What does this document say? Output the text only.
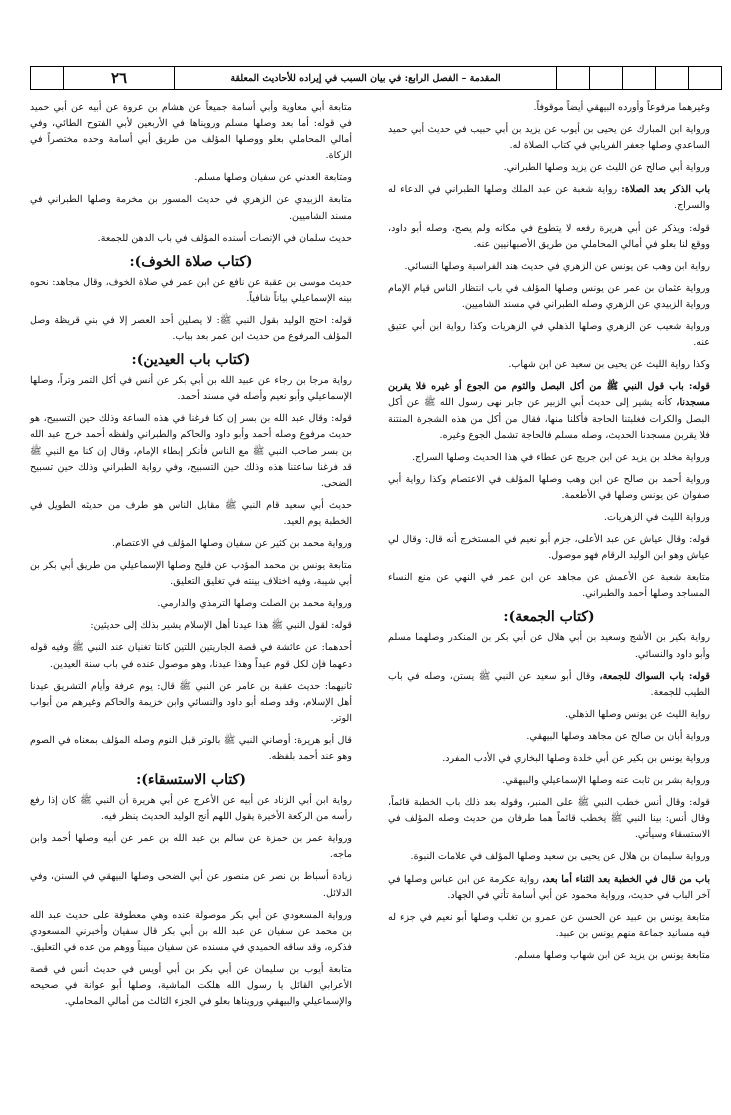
٢٦	المقدمة – الفصل الرابع: في بيان السبب في إيراده للأحاديث المعلقة

وغيرهما مرفوعاً وأورده البيهقي أيضاً موقوفاً.

ورواية ابن المبارك عن يحيى بن أيوب عن يزيد بن أبي حبيب في حديث أبي حميد الساعدي وصلها جعفر الفريابي في كتاب الصلاة له.

ورواية أبي صالح عن الليث عن يزيد وصلها الطبراني.

باب الذكر بعد الصلاة: رواية شعبة عن عبد الملك وصلها الطبراني في الدعاء له والسراج.

قوله: ويذكر عن أبي هريرة رفعه لا يتطوع في مكانه ولم يصح، وصله أبو داود، ووقع لنا بعلو في أمالي المحاملي من طريق الأصبهانيين عنه.

رواية ابن وهب عن يونس عن الزهري في حديث هند الفراسية وصلها النسائي.

ورواية عثمان بن عمر عن يونس وصلها المؤلف في باب انتظار الناس قيام الإمام ورواية الزبيدي عن الزهري وصله الطبراني في مسند الشاميين.

ورواية شعيب عن الزهري وصلها الذهلي في الزهريات وكذا رواية ابن أبي عتيق عنه.

وكذا رواية الليث عن يحيى بن سعيد عن ابن شهاب.

قوله: باب قول النبي ﷺ من أكل البصل والثوم من الجوع أو غيره فلا يقربن مسجدنا، كأنه يشير إلى حديث أبي الزبير عن جابر نهى رسول الله ﷺ عن أكل البصل والكرات فغلبتنا الحاجة فأكلنا منها، فقال من أكل من هذه الشجرة المنتنة فلا يقربن مسجدنا الحديث، وصله مسلم فالحاجة تشمل الجوع وغيره.

ورواية مخلد بن يزيد عن ابن جريج عن عطاء في هذا الحديث وصلها السراج.

ورواية أحمد بن صالح عن ابن وهب وصلها المؤلف في الاعتصام وكذا رواية أبي صفوان عن يونس وصلها في الأطعمة.

ورواية الليث في الزهريات.

قوله: وقال عياش عن عبد الأعلى، جزم أبو نعيم في المستخرج أنه قال: وقال لي عياش وهو ابن الوليد الرقام فهو موصول.

متابعة شعبة عن الأعمش عن مجاهد عن ابن عمر في النهي عن منع النساء المساجد وصلها أحمد والطبراني.

(كتاب الجمعة):

رواية بكير بن الأشج وسعيد بن أبي هلال عن أبي بكر بن المنكدر وصلهما مسلم وأبو داود والنسائي.

قوله: باب السواك للجمعة، وقال أبو سعيد عن النبي ﷺ يستن، وصله في باب الطيب للجمعة.

رواية الليث عن يونس وصلها الذهلي.

ورواية أبان بن صالح عن مجاهد وصلها البيهقي.

ورواية يونس بن بكير عن أبي خلدة وصلها البخاري في الأدب المفرد.

ورواية بشر بن ثابت عنه وصلها الإسماعيلي والبيهقي.

قوله: وقال أنس خطب النبي ﷺ على المنبر، وقوله بعد ذلك باب الخطبة قائماً، وقال أنس: بينا النبي ﷺ يخطب قائماً هما طرفان من حديث وصله المؤلف في الاستسقاء وسيأتي.

ورواية سليمان بن هلال عن يحيى بن سعيد وصلها المؤلف في علامات النبوة.

باب من قال في الخطبة بعد الثناء أما بعد، رواية عكرمة عن ابن عباس وصلها في آخر الباب في حديث، ورواية محمود عن أبي أسامة تأتي في الجهاد.

متابعة يونس بن عبيد عن الحسن عن عمرو بن تغلب وصلها أبو نعيم في جزء له فيه مسانيد جماعة منهم يونس بن عبيد.

متابعة يونس بن يزيد عن ابن شهاب وصلها مسلم.

متابعة أبي معاوية وأبي أسامة جميعاً عن هشام بن عروة عن أبيه عن أبي حميد في قوله: أما بعد وصلها مسلم ورويناها في الأربعين لأبي الفتوح الطائي، وفي أمالي المحاملي بعلو ووصلها المؤلف من طريق أبي أسامة وحده مختصراً في الزكاة.

ومتابعة العدني عن سفيان وصلها مسلم.

متابعة الزبيدي عن الزهري في حديث المسور بن مخرمة وصلها الطبراني في مسند الشاميين.

حديث سلمان في الإنصات أسنده المؤلف في باب الدهن للجمعة.

(كتاب صلاة الخوف):

حديث موسى بن عقبة عن نافع عن ابن عمر في صلاة الخوف، وقال مجاهد: نحوه بينه الإسماعيلي بياناً شافياً.

قوله: احتج الوليد بقول النبي ﷺ: لا يصلين أحد العصر إلا في بني قريظة وصل المؤلف المرفوع من حديث ابن عمر بعد بباب.

(كتاب باب العيدين):

رواية مرجا بن رجاء عن عبيد الله بن أبي بكر عن أنس في أكل التمر وتراً، وصلها الإسماعيلي وأبو نعيم وأصله في مسند أحمد.

قوله: وقال عبد الله بن بسر إن كنا فرغنا في هذه الساعة وذلك حين التسبيح، هو حديث مرفوع وصله أحمد وأبو داود والحاكم والطبراني ولفظه أحمد خرج عبد الله بن بسر صاحب النبي ﷺ مع الناس فأنكر إبطاء الإمام، وقال إن كنا مع النبي ﷺ قد فرغنا ساعتنا هذه وذلك حين التسبيح، وفي رواية الطبراني وذلك حين تسبيح الضحى.

حديث أبي سعيد قام النبي ﷺ مقابل الناس هو طرف من حديثه الطويل في الخطبة يوم العيد.

ورواية محمد بن كثير عن سفيان وصلها المؤلف في الاعتصام.

متابعة يونس بن محمد المؤدب عن فليح وصلها الإسماعيلي من طريق أبي بكر بن أبي شيبة، وفيه اختلاف بينته في تغليق التعليق.

ورواية محمد بن الصلت وصلها الترمذي والدارمي.

قوله: لقول النبي ﷺ هذا عيدنا أهل الإسلام يشير بذلك إلى حديثين:

أحدهما: عن عائشة في قصة الجاريتين اللتين كانتا تغنيان عند النبي ﷺ وفيه قوله دعهما فإن لكل قوم عيداً وهذا عيدنا، وهو موصول عنده في باب سنة العيدين.

ثانيهما: حديث عقبة بن عامر عن النبي ﷺ قال: يوم عرفة وأيام التشريق عيدنا أهل الإسلام، وقد وصله أبو داود والنسائي وابن خزيمة والحاكم وغيرهم من أبواب الوتر.

قال أبو هريرة: أوصاني النبي ﷺ بالوتر قبل النوم وصله المؤلف بمعناه في الصوم وهو عند أحمد بلفظه.

(كتاب الاستسقاء):

رواية ابن أبي الزناد عن أبيه عن الأعرج عن أبي هريرة أن النبي ﷺ كان إذا رفع رأسه من الركعة الأخيرة يقول اللهم أنج الوليد الحديث ينظر فيه.

ورواية عمر بن حمزة عن سالم بن عبد الله بن عمر عن أبيه وصلها أحمد وابن ماجه.

زيادة أسباط بن نصر عن منصور عن أبي الضحى وصلها البيهقي في السنن، وفي الدلائل.

ورواية المسعودي عن أبي بكر موصولة عنده وهي معطوفة على حديث عبد الله بن محمد عن سفيان عن عبد الله بن أبي بكر قال سفيان وأخبرني المسعودي فذكره، وقد ساقه الحميدي في مسنده عن سفيان مبيناً ووهم من عده في التعليق.

متابعة أيوب بن سليمان عن أبي بكر بن أبي أويس في حديث أنس في قصة الأعرابي القائل يا رسول الله هلكت الماشية، وصلها أبو عوانة في صحيحه والإسماعيلي والبيهقي ورويناها بعلو في الجزء الثالث من أمالي المحاملي.
